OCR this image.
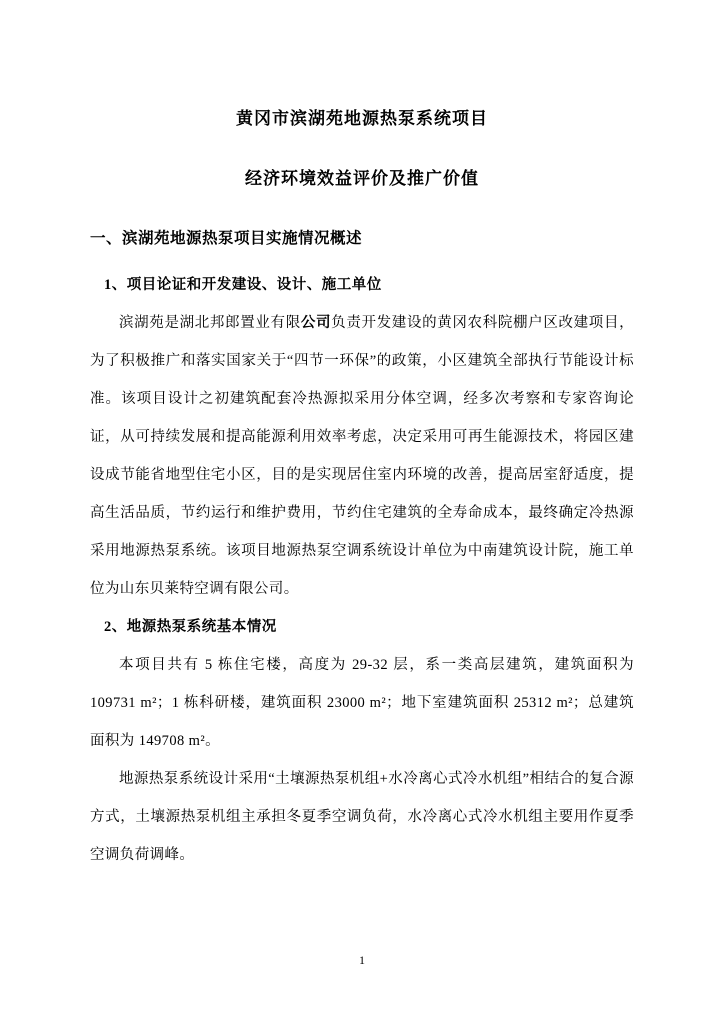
黄冈市滨湖苑地源热泵系统项目
经济环境效益评价及推广价值
一、滨湖苑地源热泵项目实施情况概述
1、项目论证和开发建设、设计、施工单位

滨湖苑是湖北邦郎置业有限公司负责开发建设的黄冈农科院棚户区改建项目，为了积极推广和落实国家关于“四节一环保”的政策，小区建筑全部执行节能设计标准。该项目设计之初建筑配套冷热源拟采用分体空调，经多次考察和专家咨询论证，从可持续发展和提高能源利用效率考虑，决定采用可再生能源技术，将园区建设成节能省地型住宅小区，目的是实现居住室内环境的改善，提高居室舒适度，提高生活品质，节约运行和维护费用，节约住宅建筑的全寿命成本，最终确定冷热源采用地源热泵系统。该项目地源热泵空调系统设计单位为中南建筑设计院，施工单位为山东贝莱特空调有限公司。

2、地源热泵系统基本情况

本项目共有 5 栋住宅楼，高度为 29-32 层，系一类高层建筑，建筑面积为 109731 m²；1 栋科研楼，建筑面积 23000 m²；地下室建筑面积 25312 m²；总建筑面积为 149708 m²。

地源热泵系统设计采用“土壤源热泵机组+水冷离心式冷水机组”相结合的复合源方式，土壤源热泵机组主承担冬夏季空调负荷，水冷离心式冷水机组主要用作夏季空调负荷调峰。

1
